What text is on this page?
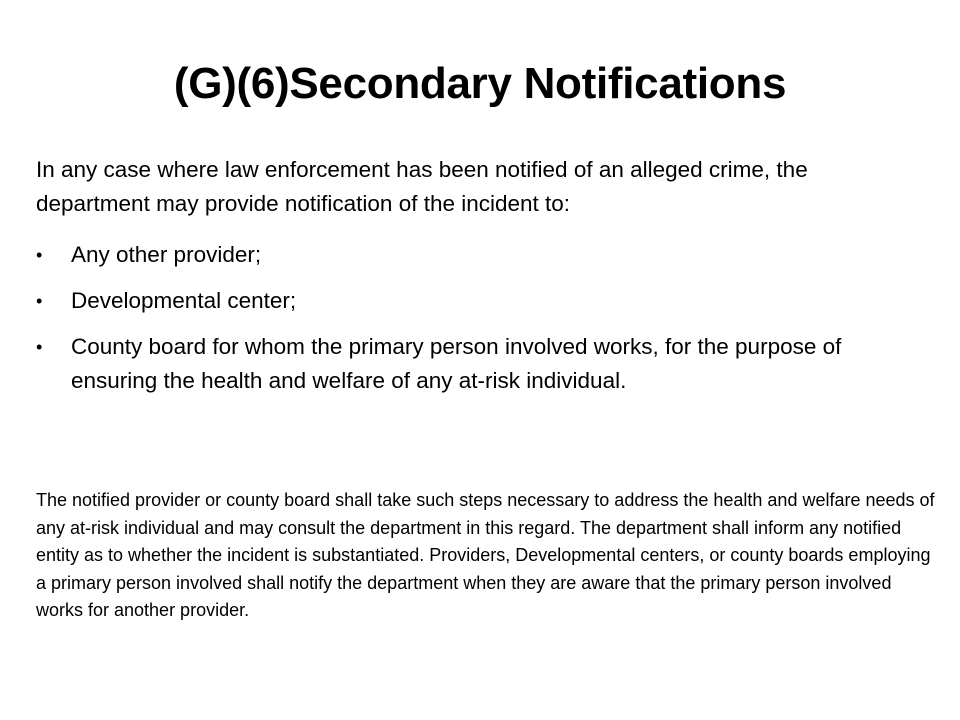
(G)(6)Secondary Notifications

In any case where law enforcement has been notified of an alleged crime, the department may provide notification of the incident to:

•	Any other provider;
•	Developmental center;
•	County board for whom the primary person involved works, for the purpose of ensuring the health and welfare of any at-risk individual.

The notified provider or county board shall take such steps necessary to address the health and welfare needs of any at-risk individual and may consult the department in this regard. The department shall inform any notified entity as to whether the incident is substantiated. Providers, Developmental centers, or county boards employing a primary person involved shall notify the department when they are aware that the primary person involved works for another provider.
